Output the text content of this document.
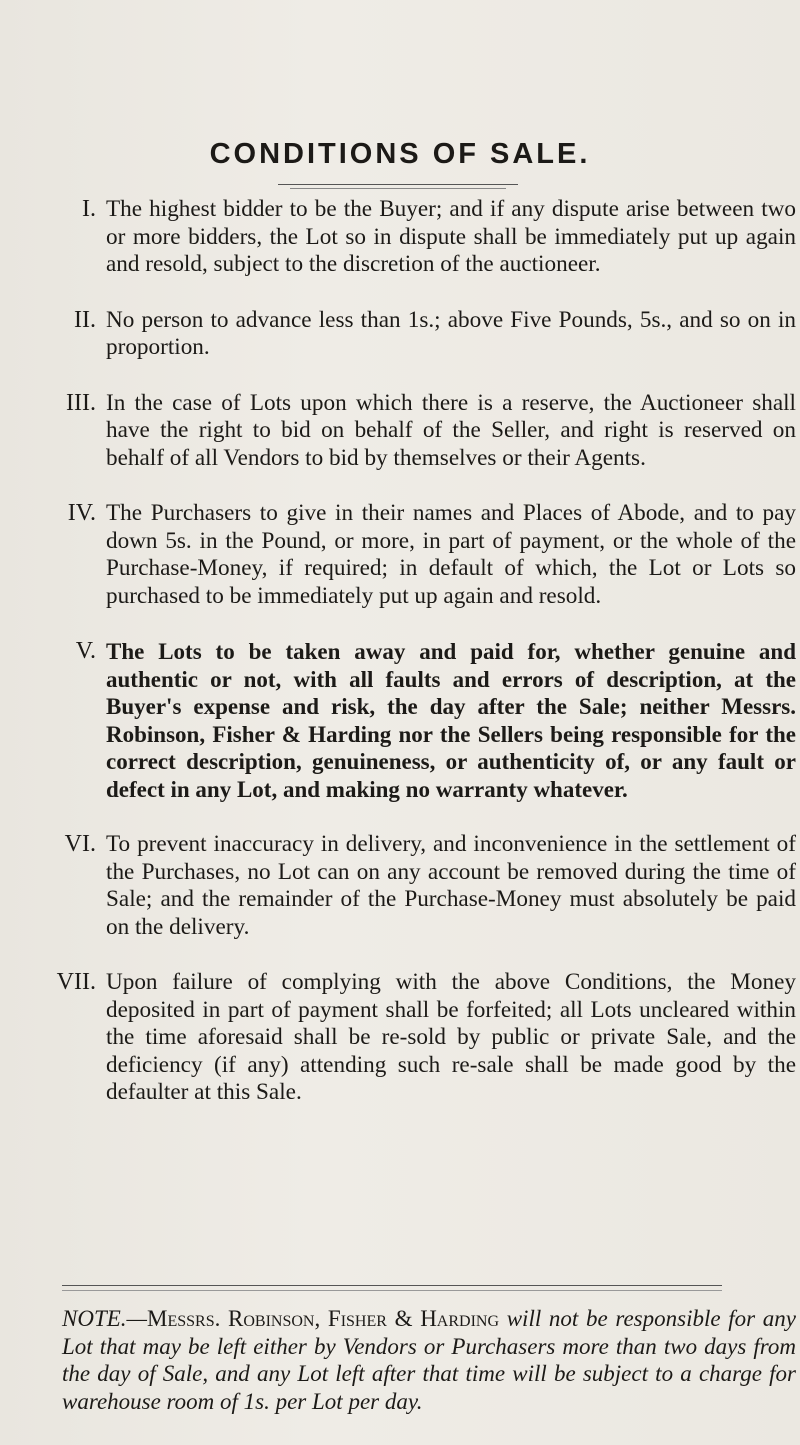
CONDITIONS OF SALE.
I. The highest bidder to be the Buyer; and if any dispute arise between two or more bidders, the Lot so in dispute shall be immediately put up again and resold, subject to the discretion of the auctioneer.
II. No person to advance less than 1s.; above Five Pounds, 5s., and so on in proportion.
III. In the case of Lots upon which there is a reserve, the Auctioneer shall have the right to bid on behalf of the Seller, and right is reserved on behalf of all Vendors to bid by themselves or their Agents.
IV. The Purchasers to give in their names and Places of Abode, and to pay down 5s. in the Pound, or more, in part of payment, or the whole of the Purchase-Money, if required; in default of which, the Lot or Lots so purchased to be immediately put up again and resold.
V. The Lots to be taken away and paid for, whether genuine and authentic or not, with all faults and errors of description, at the Buyer's expense and risk, the day after the Sale; neither Messrs. Robinson, Fisher & Harding nor the Sellers being responsible for the correct description, genuineness, or authenticity of, or any fault or defect in any Lot, and making no warranty whatever.
VI. To prevent inaccuracy in delivery, and inconvenience in the settlement of the Purchases, no Lot can on any account be removed during the time of Sale; and the remainder of the Purchase-Money must absolutely be paid on the delivery.
VII. Upon failure of complying with the above Conditions, the Money deposited in part of payment shall be forfeited; all Lots uncleared within the time aforesaid shall be re-sold by public or private Sale, and the deficiency (if any) attending such re-sale shall be made good by the defaulter at this Sale.
NOTE.—Messrs. Robinson, Fisher & Harding will not be responsible for any Lot that may be left either by Vendors or Purchasers more than two days from the day of Sale, and any Lot left after that time will be subject to a charge for warehouse room of 1s. per Lot per day.
